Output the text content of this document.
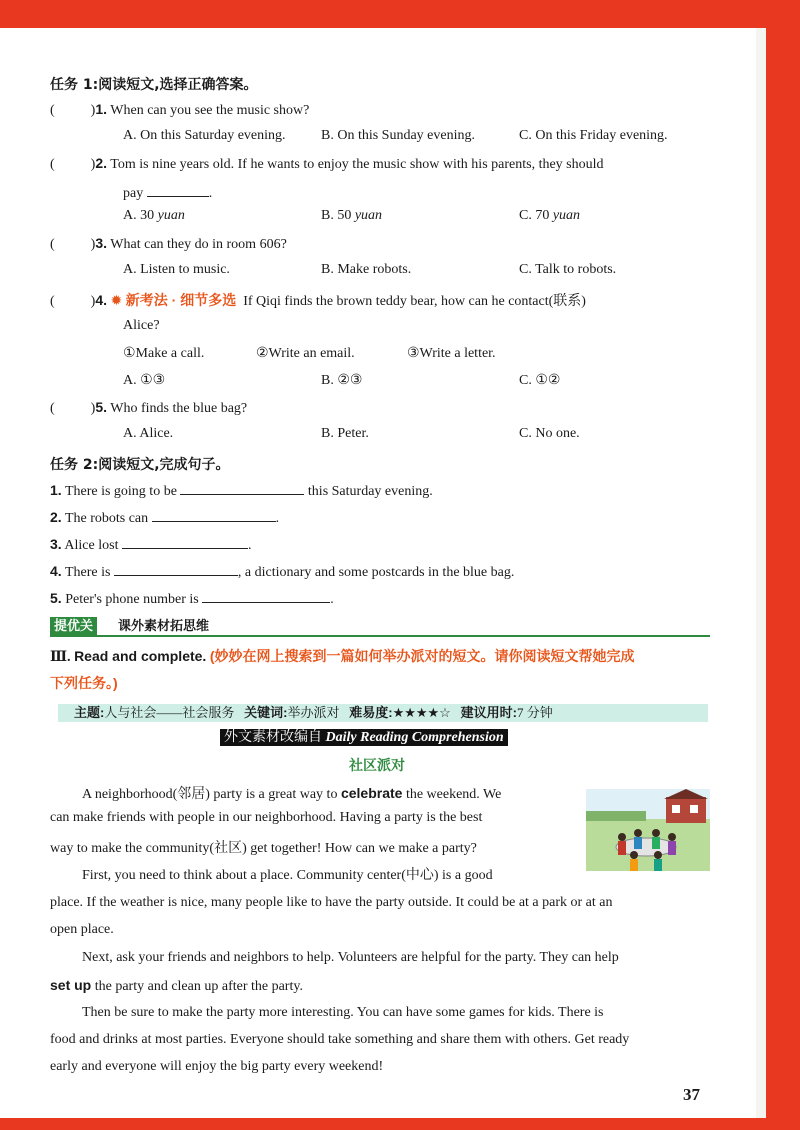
任务 1:阅读短文,选择正确答案。
(	)1. When can you see the music show?
A. On this Saturday evening.	B. On this Sunday evening.	C. On this Friday evening.
(	)2. Tom is nine years old. If he wants to enjoy the music show with his parents, they should
pay	.
A. 30 yuan	B. 50 yuan	C. 70 yuan
(	)3. What can they do in room 606?
A. Listen to music.	B. Make robots.	C. Talk to robots.
(	)4. ✹ 新考法 · 细节多选 If Qiqi finds the brown teddy bear, how can he contact(联系)
Alice?
①Make a call.	②Write an email.	③Write a letter.
A. ①③	B. ②③	C. ①②
(	)5. Who finds the blue bag?
A. Alice.	B. Peter.	C. No one.
任务 2:阅读短文,完成句子。
1. There is going to be	this Saturday evening.
2. The robots can	.
3. Alice lost	.
4. There is	, a dictionary and some postcards in the blue bag.
5. Peter's phone number is	.
提优关	课外素材拓思维
Ⅲ. Read and complete. (妙妙在网上搜索到一篇如何举办派对的短文。请你阅读短文帮她完成
下列任务。)
主题:人与社会——社会服务 关键词:举办派对 难易度:★★★★☆ 建议用时:7 分钟
外文素材改编自 Daily Reading Comprehension
社区派对
A neighborhood(邻居) party is a great way to celebrate the weekend. We
can make friends with people in our neighborhood. Having a party is the best
way to make the community(社区) get together! How can we make a party?
First, you need to think about a place. Community center(中心) is a good
place. If the weather is nice, many people like to have the party outside. It could be at a park or at an
open place.
Next, ask your friends and neighbors to help. Volunteers are helpful for the party. They can help
set up the party and clean up after the party.
Then be sure to make the party more interesting. You can have some games for kids. There is
food and drinks at most parties. Everyone should take something and share them with others. Get ready
early and everyone will enjoy the big party every weekend!
37
